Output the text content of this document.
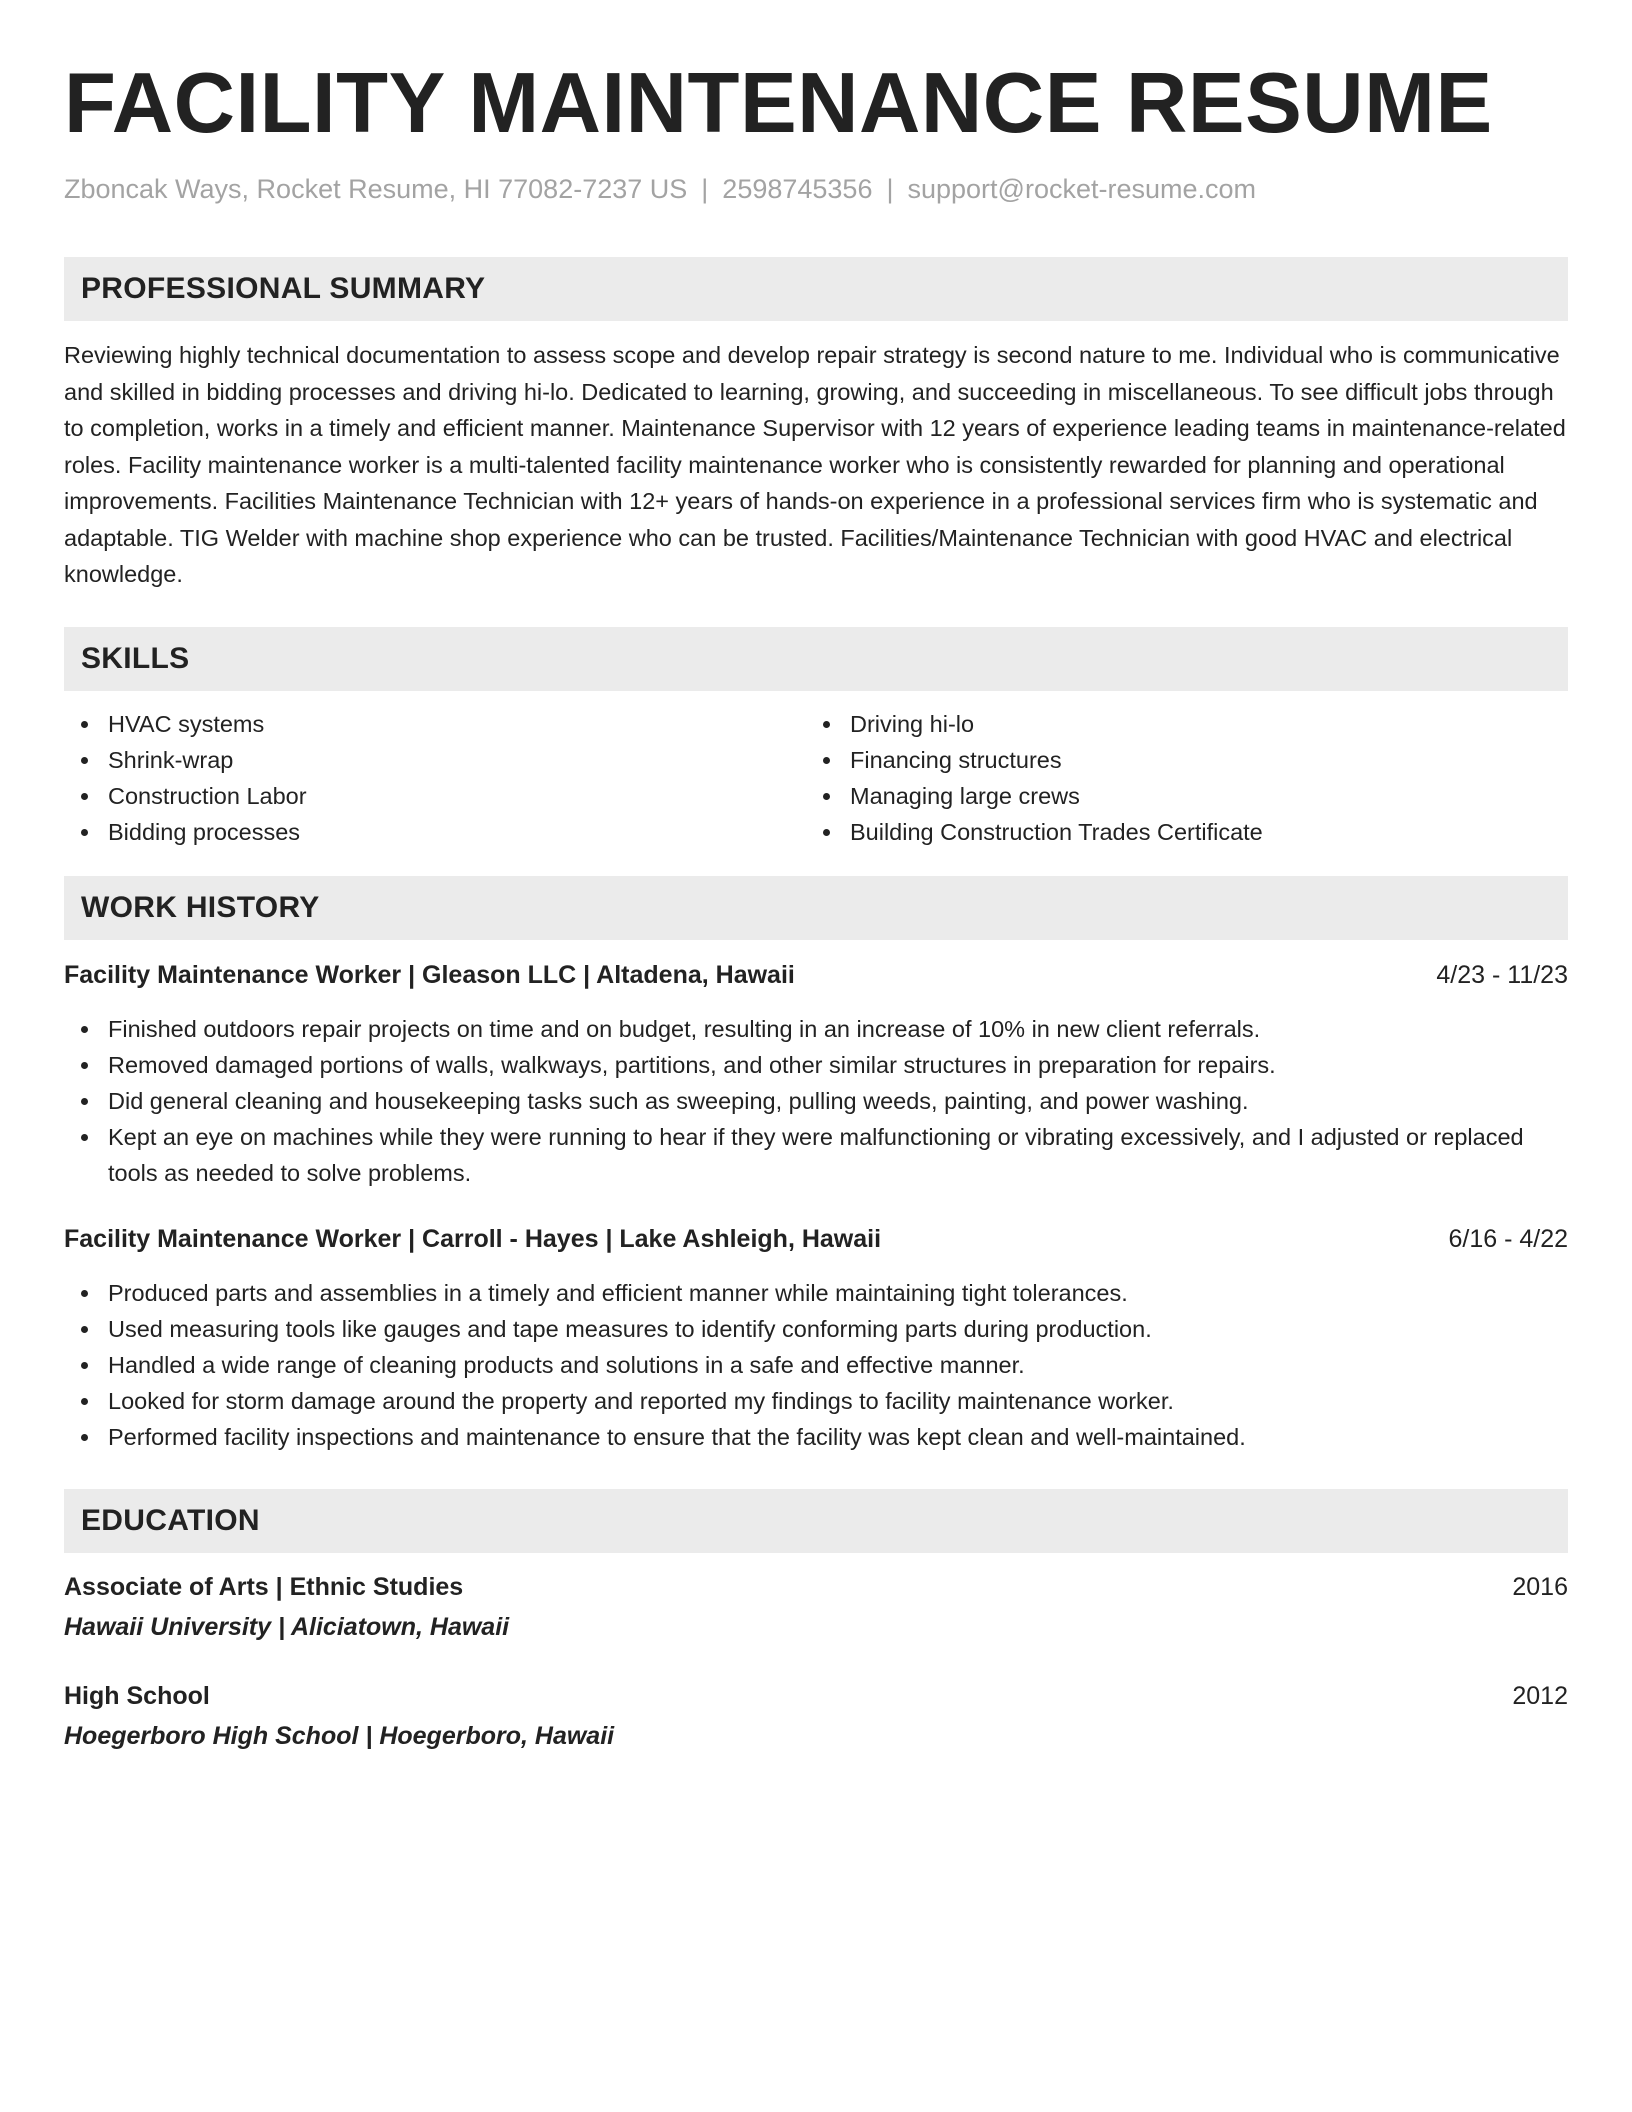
FACILITY MAINTENANCE RESUME
Zboncak Ways, Rocket Resume, HI 77082-7237 US | 2598745356 | support@rocket-resume.com
PROFESSIONAL SUMMARY
Reviewing highly technical documentation to assess scope and develop repair strategy is second nature to me. Individual who is communicative and skilled in bidding processes and driving hi-lo. Dedicated to learning, growing, and succeeding in miscellaneous. To see difficult jobs through to completion, works in a timely and efficient manner. Maintenance Supervisor with 12 years of experience leading teams in maintenance-related roles. Facility maintenance worker is a multi-talented facility maintenance worker who is consistently rewarded for planning and operational improvements. Facilities Maintenance Technician with 12+ years of hands-on experience in a professional services firm who is systematic and adaptable. TIG Welder with machine shop experience who can be trusted. Facilities/Maintenance Technician with good HVAC and electrical knowledge.
SKILLS
HVAC systems
Shrink-wrap
Construction Labor
Bidding processes
Driving hi-lo
Financing structures
Managing large crews
Building Construction Trades Certificate
WORK HISTORY
Facility Maintenance Worker | Gleason LLC | Altadena, Hawaii	4/23 - 11/23
Finished outdoors repair projects on time and on budget, resulting in an increase of 10% in new client referrals.
Removed damaged portions of walls, walkways, partitions, and other similar structures in preparation for repairs.
Did general cleaning and housekeeping tasks such as sweeping, pulling weeds, painting, and power washing.
Kept an eye on machines while they were running to hear if they were malfunctioning or vibrating excessively, and I adjusted or replaced tools as needed to solve problems.
Facility Maintenance Worker | Carroll - Hayes | Lake Ashleigh, Hawaii	6/16 - 4/22
Produced parts and assemblies in a timely and efficient manner while maintaining tight tolerances.
Used measuring tools like gauges and tape measures to identify conforming parts during production.
Handled a wide range of cleaning products and solutions in a safe and effective manner.
Looked for storm damage around the property and reported my findings to facility maintenance worker.
Performed facility inspections and maintenance to ensure that the facility was kept clean and well-maintained.
EDUCATION
Associate of Arts | Ethnic Studies	2016
Hawaii University | Aliciatown, Hawaii
High School	2012
Hoegerboro High School | Hoegerboro, Hawaii
